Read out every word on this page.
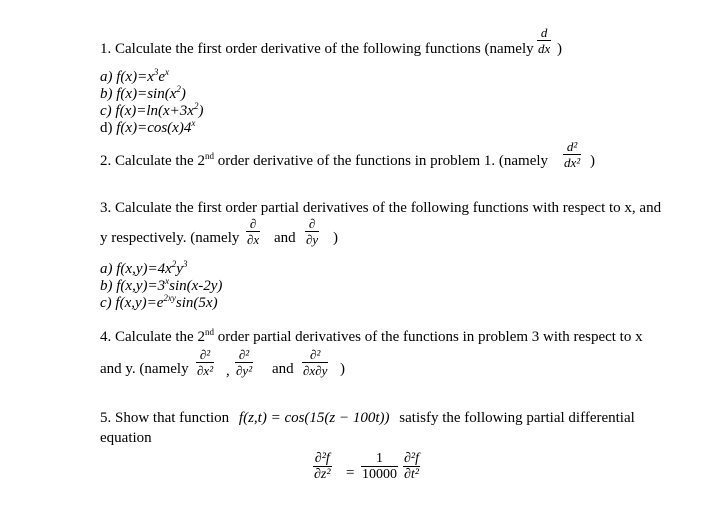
1. Calculate the first order derivative of the following functions (namely
d
dx )
a) $f(x)=x^3e^x$
b) $f(x)=\sin(x^2)$
c) $f(x)=\ln(x+3x^2)$
d) $f(x)=\cos(x)4^x$
2. Calculate the 2nd order derivative of the functions in problem 1. (namely
d²
dx² )
3. Calculate the first order partial derivatives of the following functions with respect to x, and
y respectively. (namely
∂
∂x and
∂
∂y )
a) $f(x,y)=4x^2y^3$
b) $f(x,y)=3^x\sin(x-2y)$
c) $f(x,y)=e^{2xy}\sin(5x)$
4. Calculate the 2nd order partial derivatives of the functions in problem 3 with respect to x
and y. (namely
∂²
∂x² ,
∂²
∂y² and
∂²
∂x∂y )
5. Show that function f(z,t) = cos(15(z − 100t)) satisfy the following partial differential
equation
∂²f
∂z² =
1
10000
∂²f
∂t²
